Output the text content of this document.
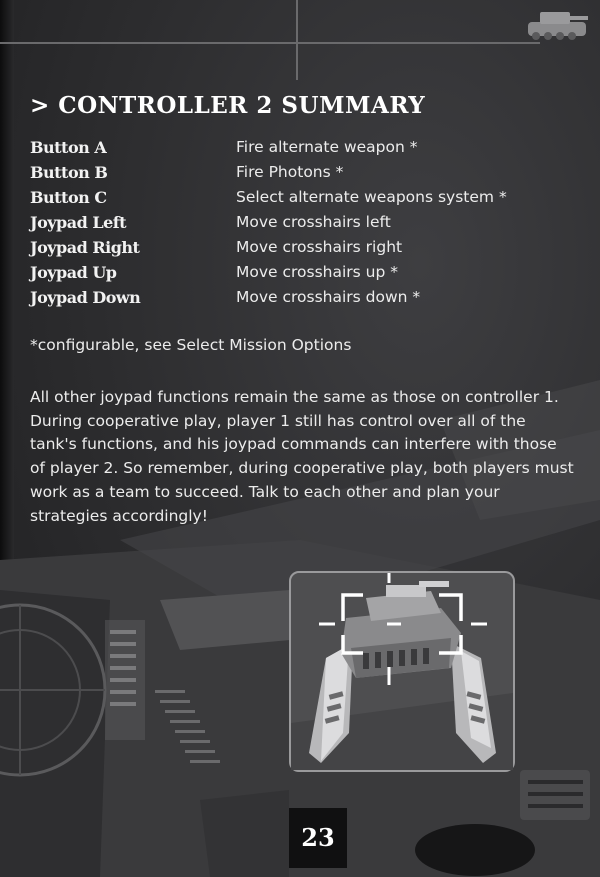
> CONTROLLER 2 SUMMARY
Button A	Fire alternate weapon *
Button B	Fire Photons *
Button C	Select alternate weapons system *
Joypad Left	Move crosshairs left
Joypad Right	Move crosshairs right
Joypad Up	Move crosshairs up *
Joypad Down	Move crosshairs down *

*configurable, see Select Mission Options

All other joypad functions remain the same as those on controller 1. During cooperative play, player 1 still has control over all of the tank's functions, and his joypad commands can interfere with those of player 2. So remember, during cooperative play, both players must work as a team to succeed. Talk to each other and plan your strategies accordingly!

23
